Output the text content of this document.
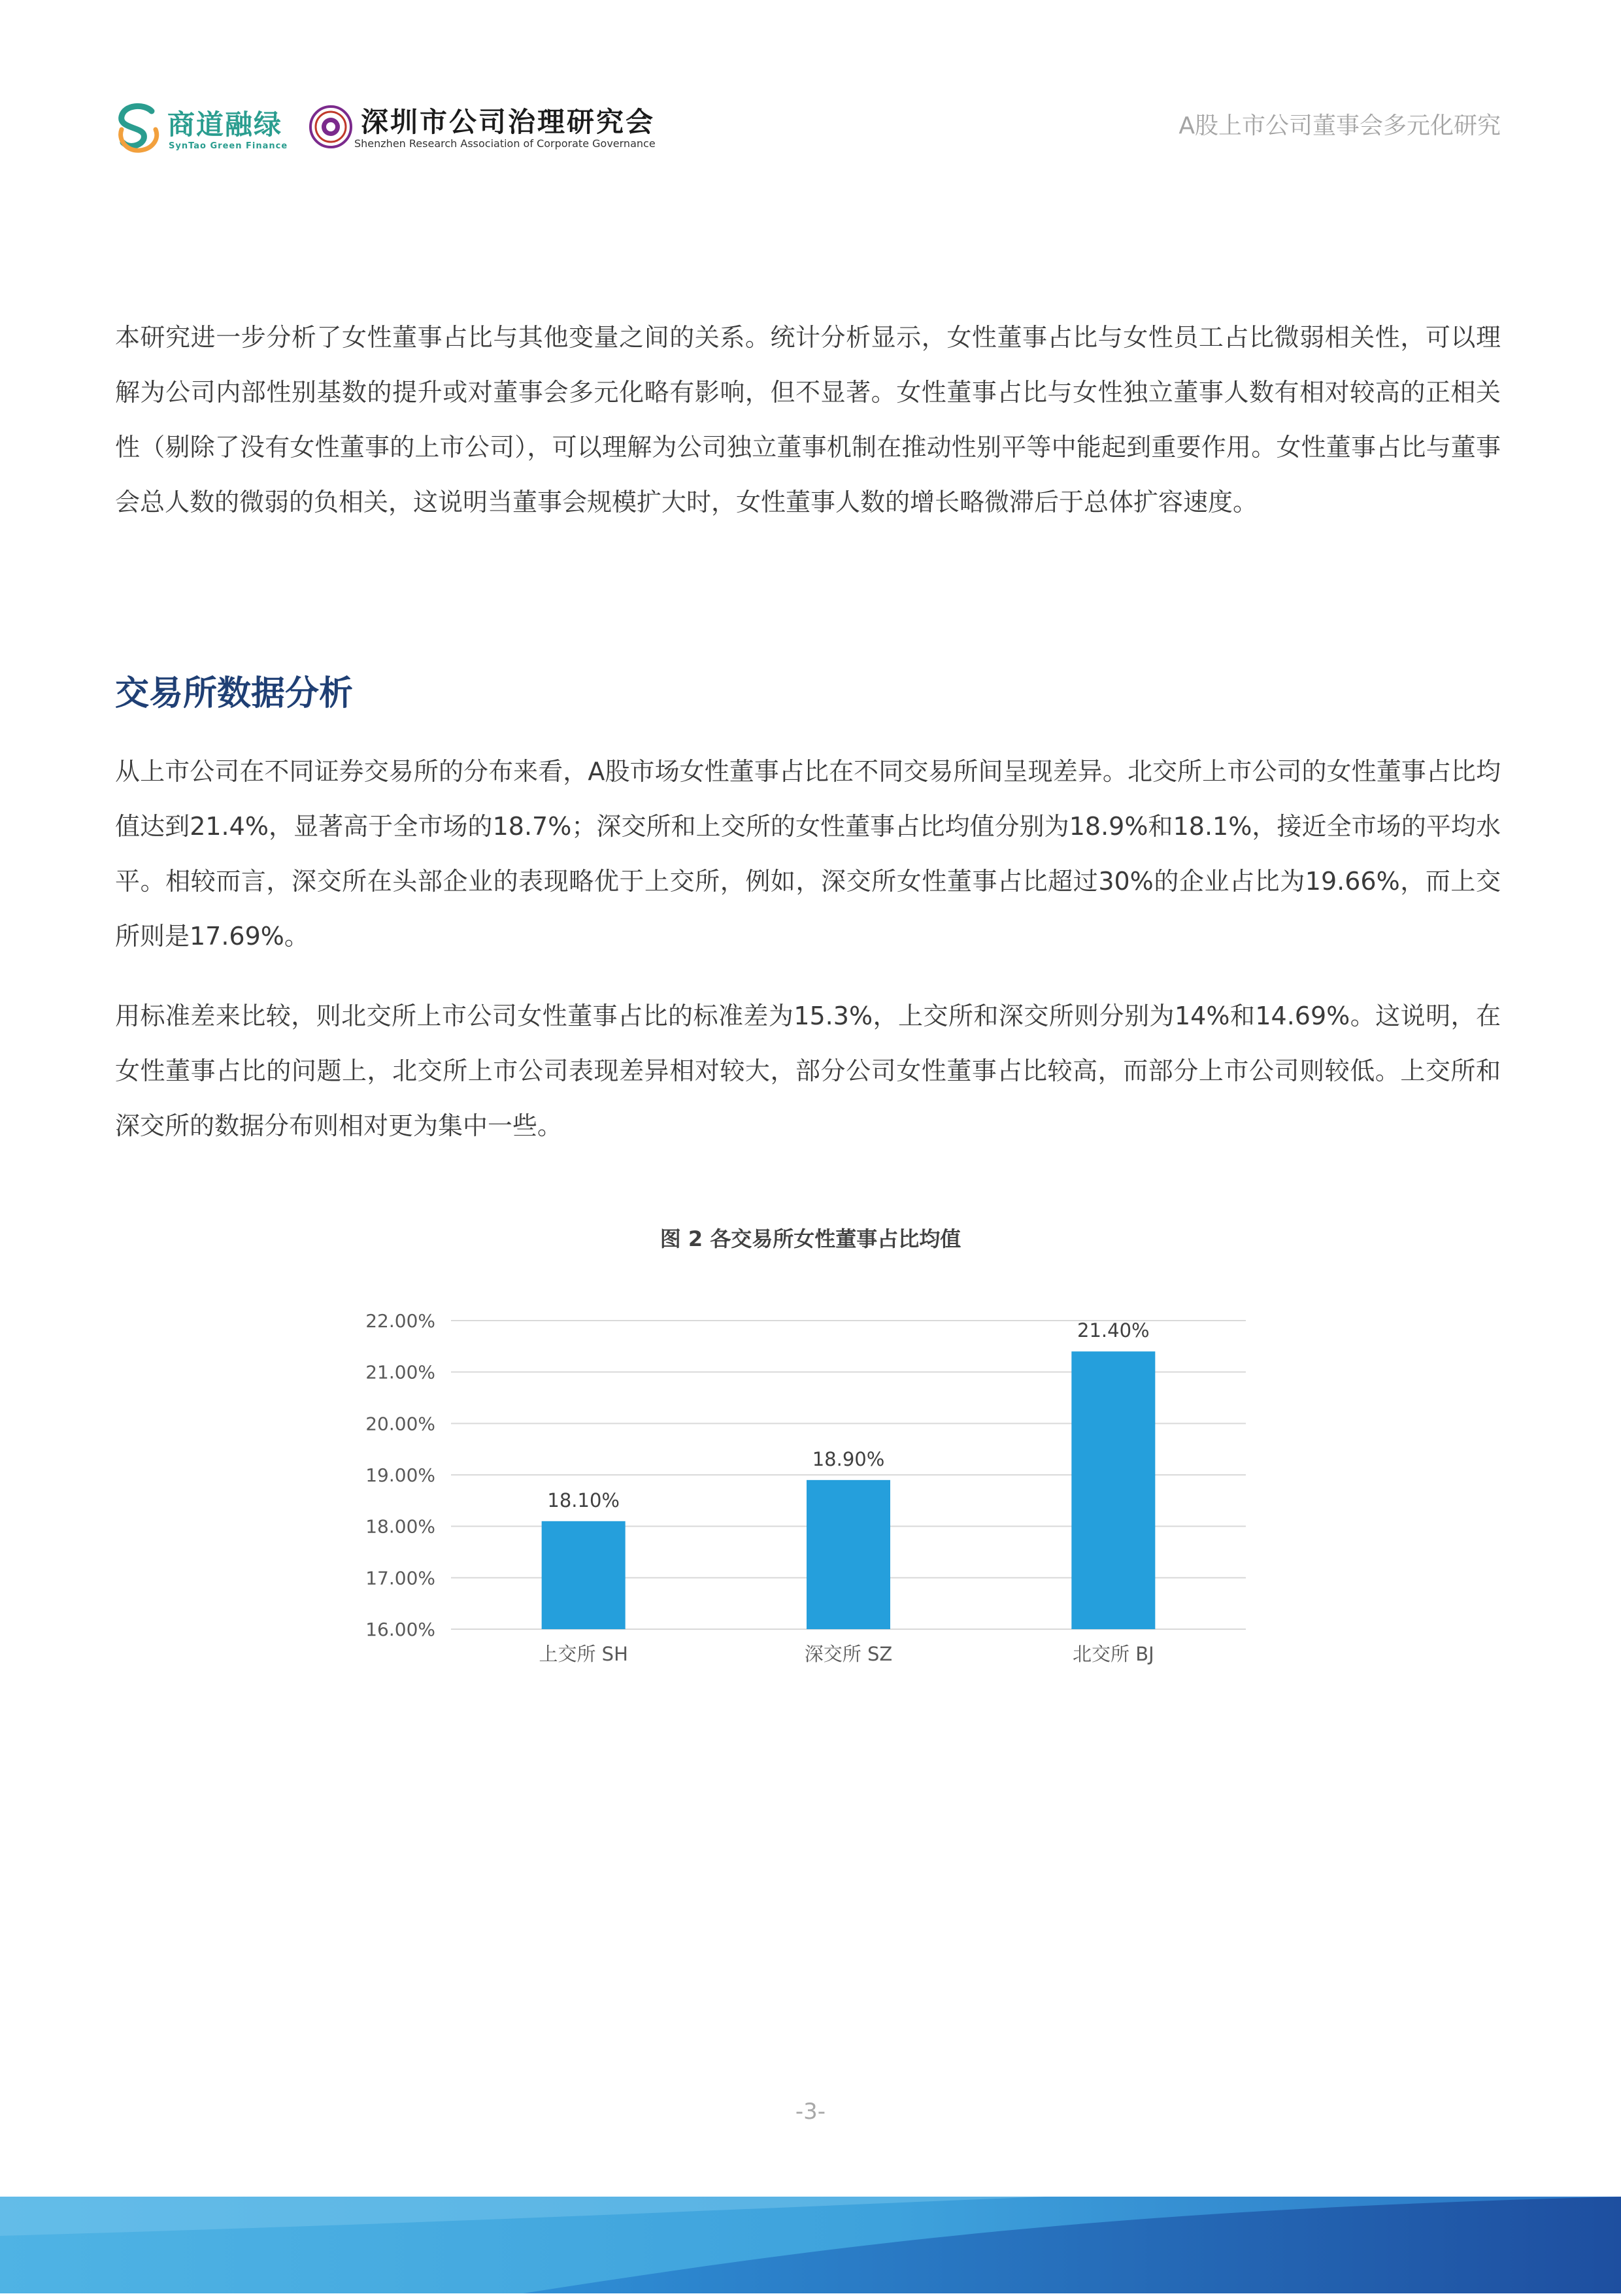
商道融绿
SynTao Green Finance
深圳市公司治理研究会
Shenzhen Research Association of Corporate Governance
A股上市公司董事会多元化研究

本研究进一步分析了女性董事占比与其他变量之间的关系。统计分析显示，女性董事占比与女性员工占比微弱相关性，可以理解为公司内部性别基数的提升或对董事会多元化略有影响，但不显著。女性董事占比与女性独立董事人数有相对较高的正相关性（剔除了没有女性董事的上市公司），可以理解为公司独立董事机制在推动性别平等中能起到重要作用。女性董事占比与董事会总人数的微弱的负相关，这说明当董事会规模扩大时，女性董事人数的增长略微滞后于总体扩容速度。

交易所数据分析

从上市公司在不同证券交易所的分布来看，A股市场女性董事占比在不同交易所间呈现差异。北交所上市公司的女性董事占比均值达到21.4%，显著高于全市场的18.7%；深交所和上交所的女性董事占比均值分别为18.9%和18.1%，接近全市场的平均水平。相较而言，深交所在头部企业的表现略优于上交所，例如，深交所女性董事占比超过30%的企业占比为19.66%，而上交所则是17.69%。

用标准差来比较，则北交所上市公司女性董事占比的标准差为15.3%，上交所和深交所则分别为14%和14.69%。这说明，在女性董事占比的问题上，北交所上市公司表现差异相对较大，部分公司女性董事占比较高，而部分上市公司则较低。上交所和深交所的数据分布则相对更为集中一些。

图 2 各交易所女性董事占比均值
16.00%
17.00%
18.00%
19.00%
20.00%
21.00%
22.00%
18.10%
上交所 SH
18.90%
深交所 SZ
21.40%
北交所 BJ
-3-
